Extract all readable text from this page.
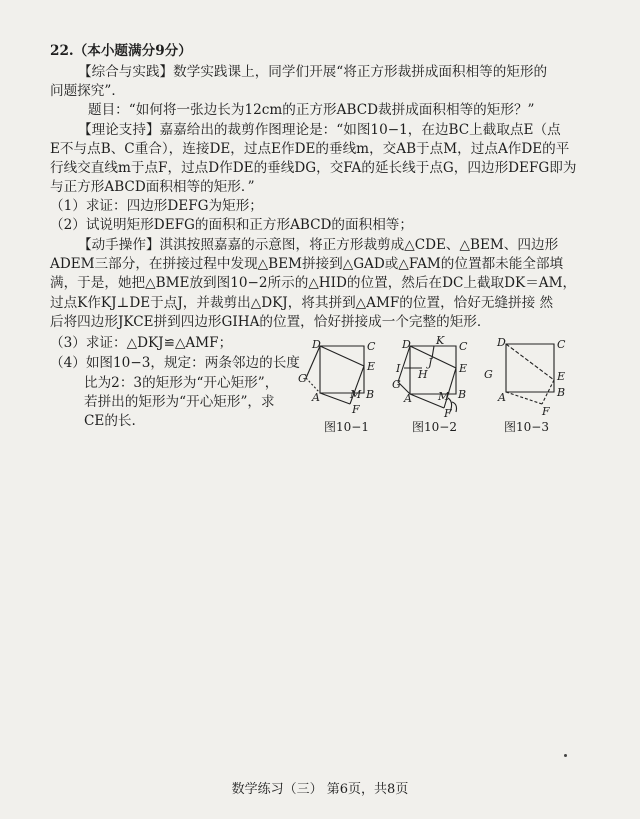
22.（本小题满分9分）
【综合与实践】数学实践课上，同学们开展“将正方形裁拼成面积相等的矩形的
问题探究”．
题目：“如何将一张边长为12cm的正方形ABCD裁拼成面积相等的矩形？”
【理论支持】嘉嘉给出的裁剪作图理论是：“如图10−1，在边BC上截取点E（点
E不与点B、C重合），连接DE，过点E作DE的垂线m，交AB于点M，过点A作DE的平
行线交直线m于点F，过点D作DE的垂线DG，交FA的延长线于点G，四边形DEFG即为
与正方形ABCD面积相等的矩形．”
（1）求证：四边形DEFG为矩形；
（2）试说明矩形DEFG的面积和正方形ABCD的面积相等；
【动手操作】淇淇按照嘉嘉的示意图，将正方形裁剪成△CDE、△BEM、四边形
ADEM三部分，在拼接过程中发现△BEM拼接到△GAD或△FAM的位置都未能全部填
满，于是，她把△BME放到图10−2所示的△HID的位置，然后在DC上截取DK＝AM，
过点K作KJ⊥DE于点J，并裁剪出△DKJ，将其拼到△AMF的位置，恰好无缝拼接 然
后将四边形JKCE拼到四边形GIHA的位置，恰好拼接成一个完整的矩形．
（3）求证：△DKJ≌△AMF；
（4）如图10−3，规定：两条邻边的长度
比为2：3的矩形为“开心矩形”，
若拼出的矩形为“开心矩形”，求
CE的长.
D	C
G
E
A	M B
F
图10−1
D K C
J
I H	E
G
A	B
M
F
图10−2
D	C
G	E
A	B
F
图10−3
数学练习（三） 第6页，共8页
